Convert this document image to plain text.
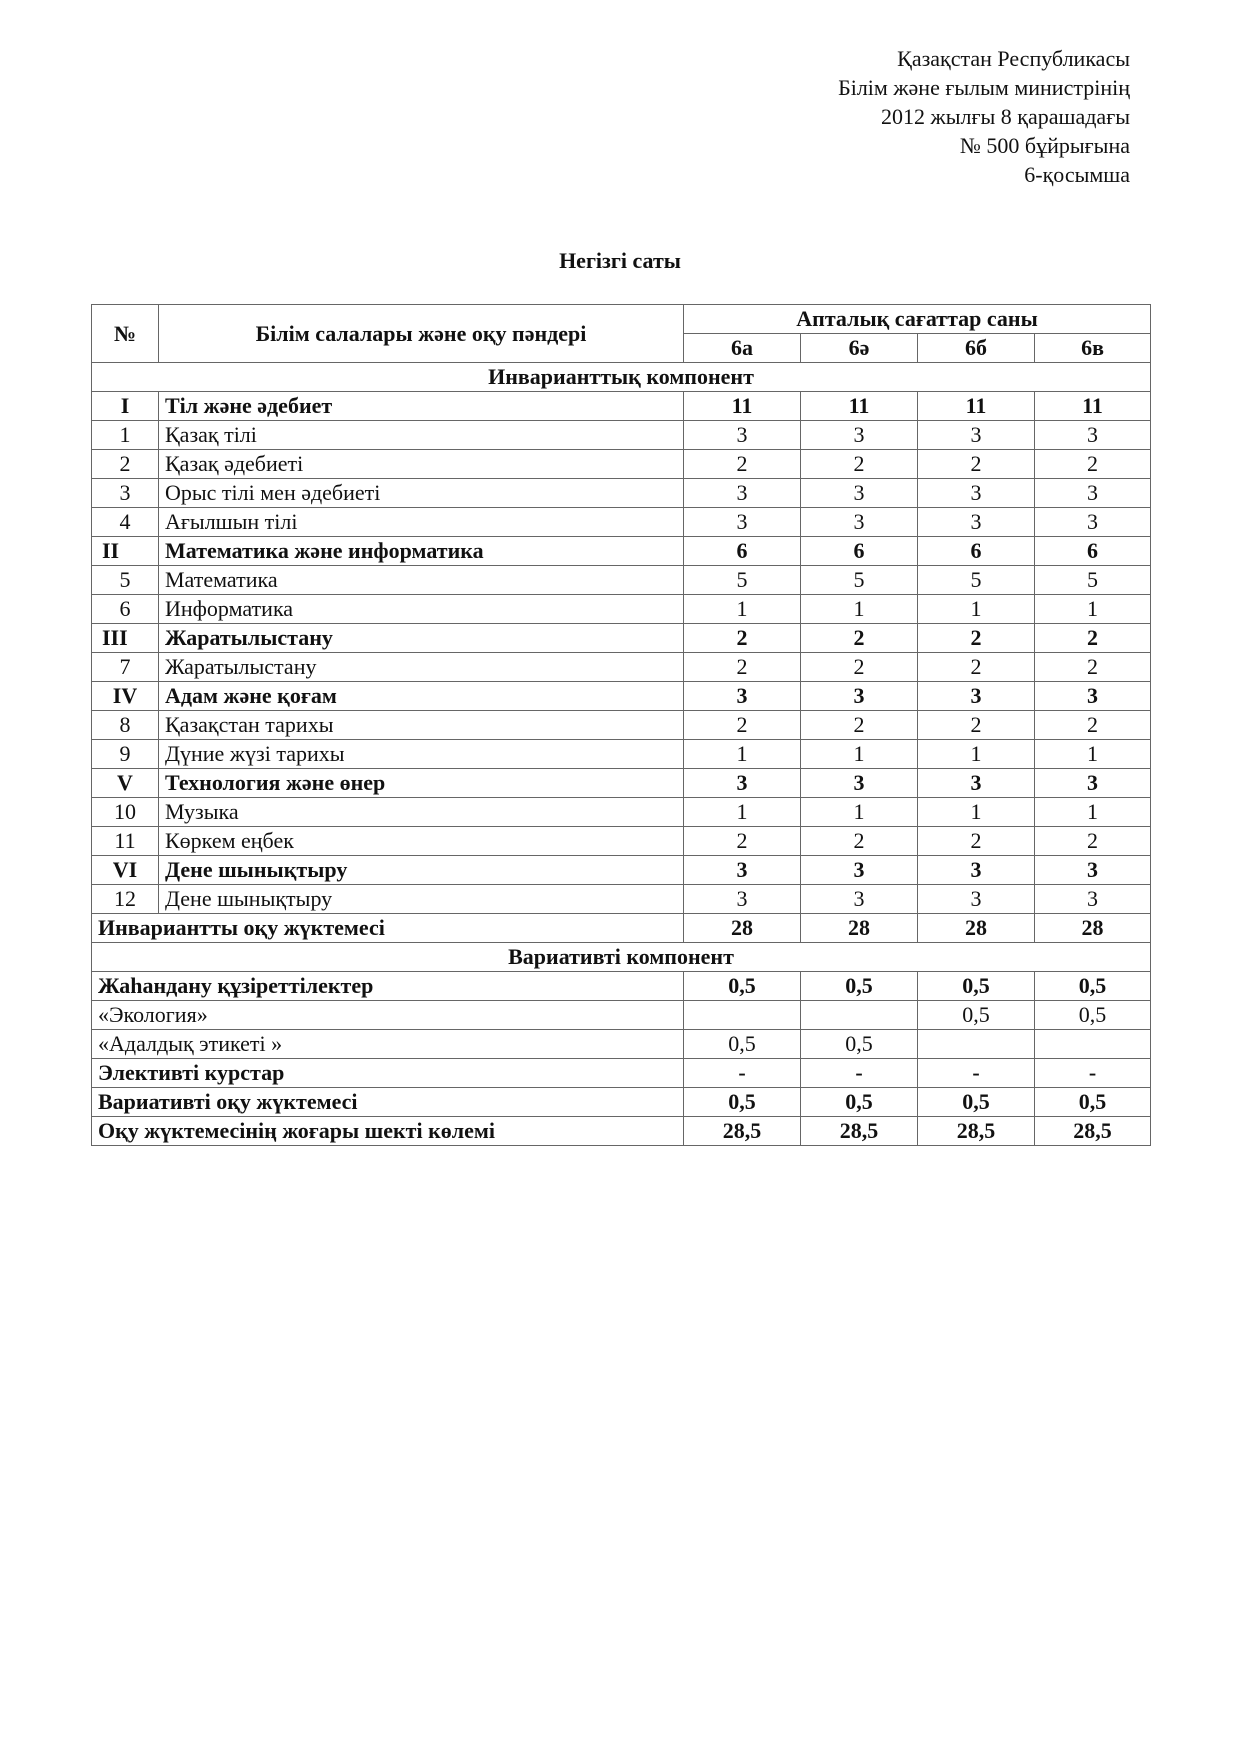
Қазақстан Республикасы
Білім және ғылым министрінің
2012 жылғы 8 қарашадағы
№ 500 бұйрығына
6-қосымша
Негізгі саты
№	Білім салалары және оқу пәндері	Апталық сағаттар саны			
		6а	6ә	6б	6в
Инварианттық компонент					
I	Тіл және әдебиет	11	11	11	11
1	Қазақ тілі	3	3	3	3
2	Қазақ әдебиеті	2	2	2	2
3	Орыс тілі мен әдебиеті	3	3	3	3
4	Ағылшын тілі	3	3	3	3
II	Математика және информатика	6	6	6	6
5	Математика	5	5	5	5
6	Информатика	1	1	1	1
III	Жаратылыстану	2	2	2	2
7	Жаратылыстану	2	2	2	2
IV	Адам және қоғам	3	3	3	3
8	Қазақстан тарихы	2	2	2	2
9	Дүние жүзі тарихы	1	1	1	1
V	Технология және өнер	3	3	3	3
10	Музыка	1	1	1	1
11	Көркем еңбек	2	2	2	2
VI	Дене шынықтыру	3	3	3	3
12	Дене шынықтыру	3	3	3	3
Инвариантты оқу жүктемесі		28	28	28	28
Вариативті компонент					
Жаһандану құзіреттілектер		0,5	0,5	0,5	0,5
«Экология»				0,5	0,5
«Адалдық этикеті »		0,5	0,5		
Элективті курстар		-	-	-	-
Вариативті оқу жүктемесі		0,5	0,5	0,5	0,5
Оқу жүктемесінің жоғары шекті көлемі		28,5	28,5	28,5	28,5
